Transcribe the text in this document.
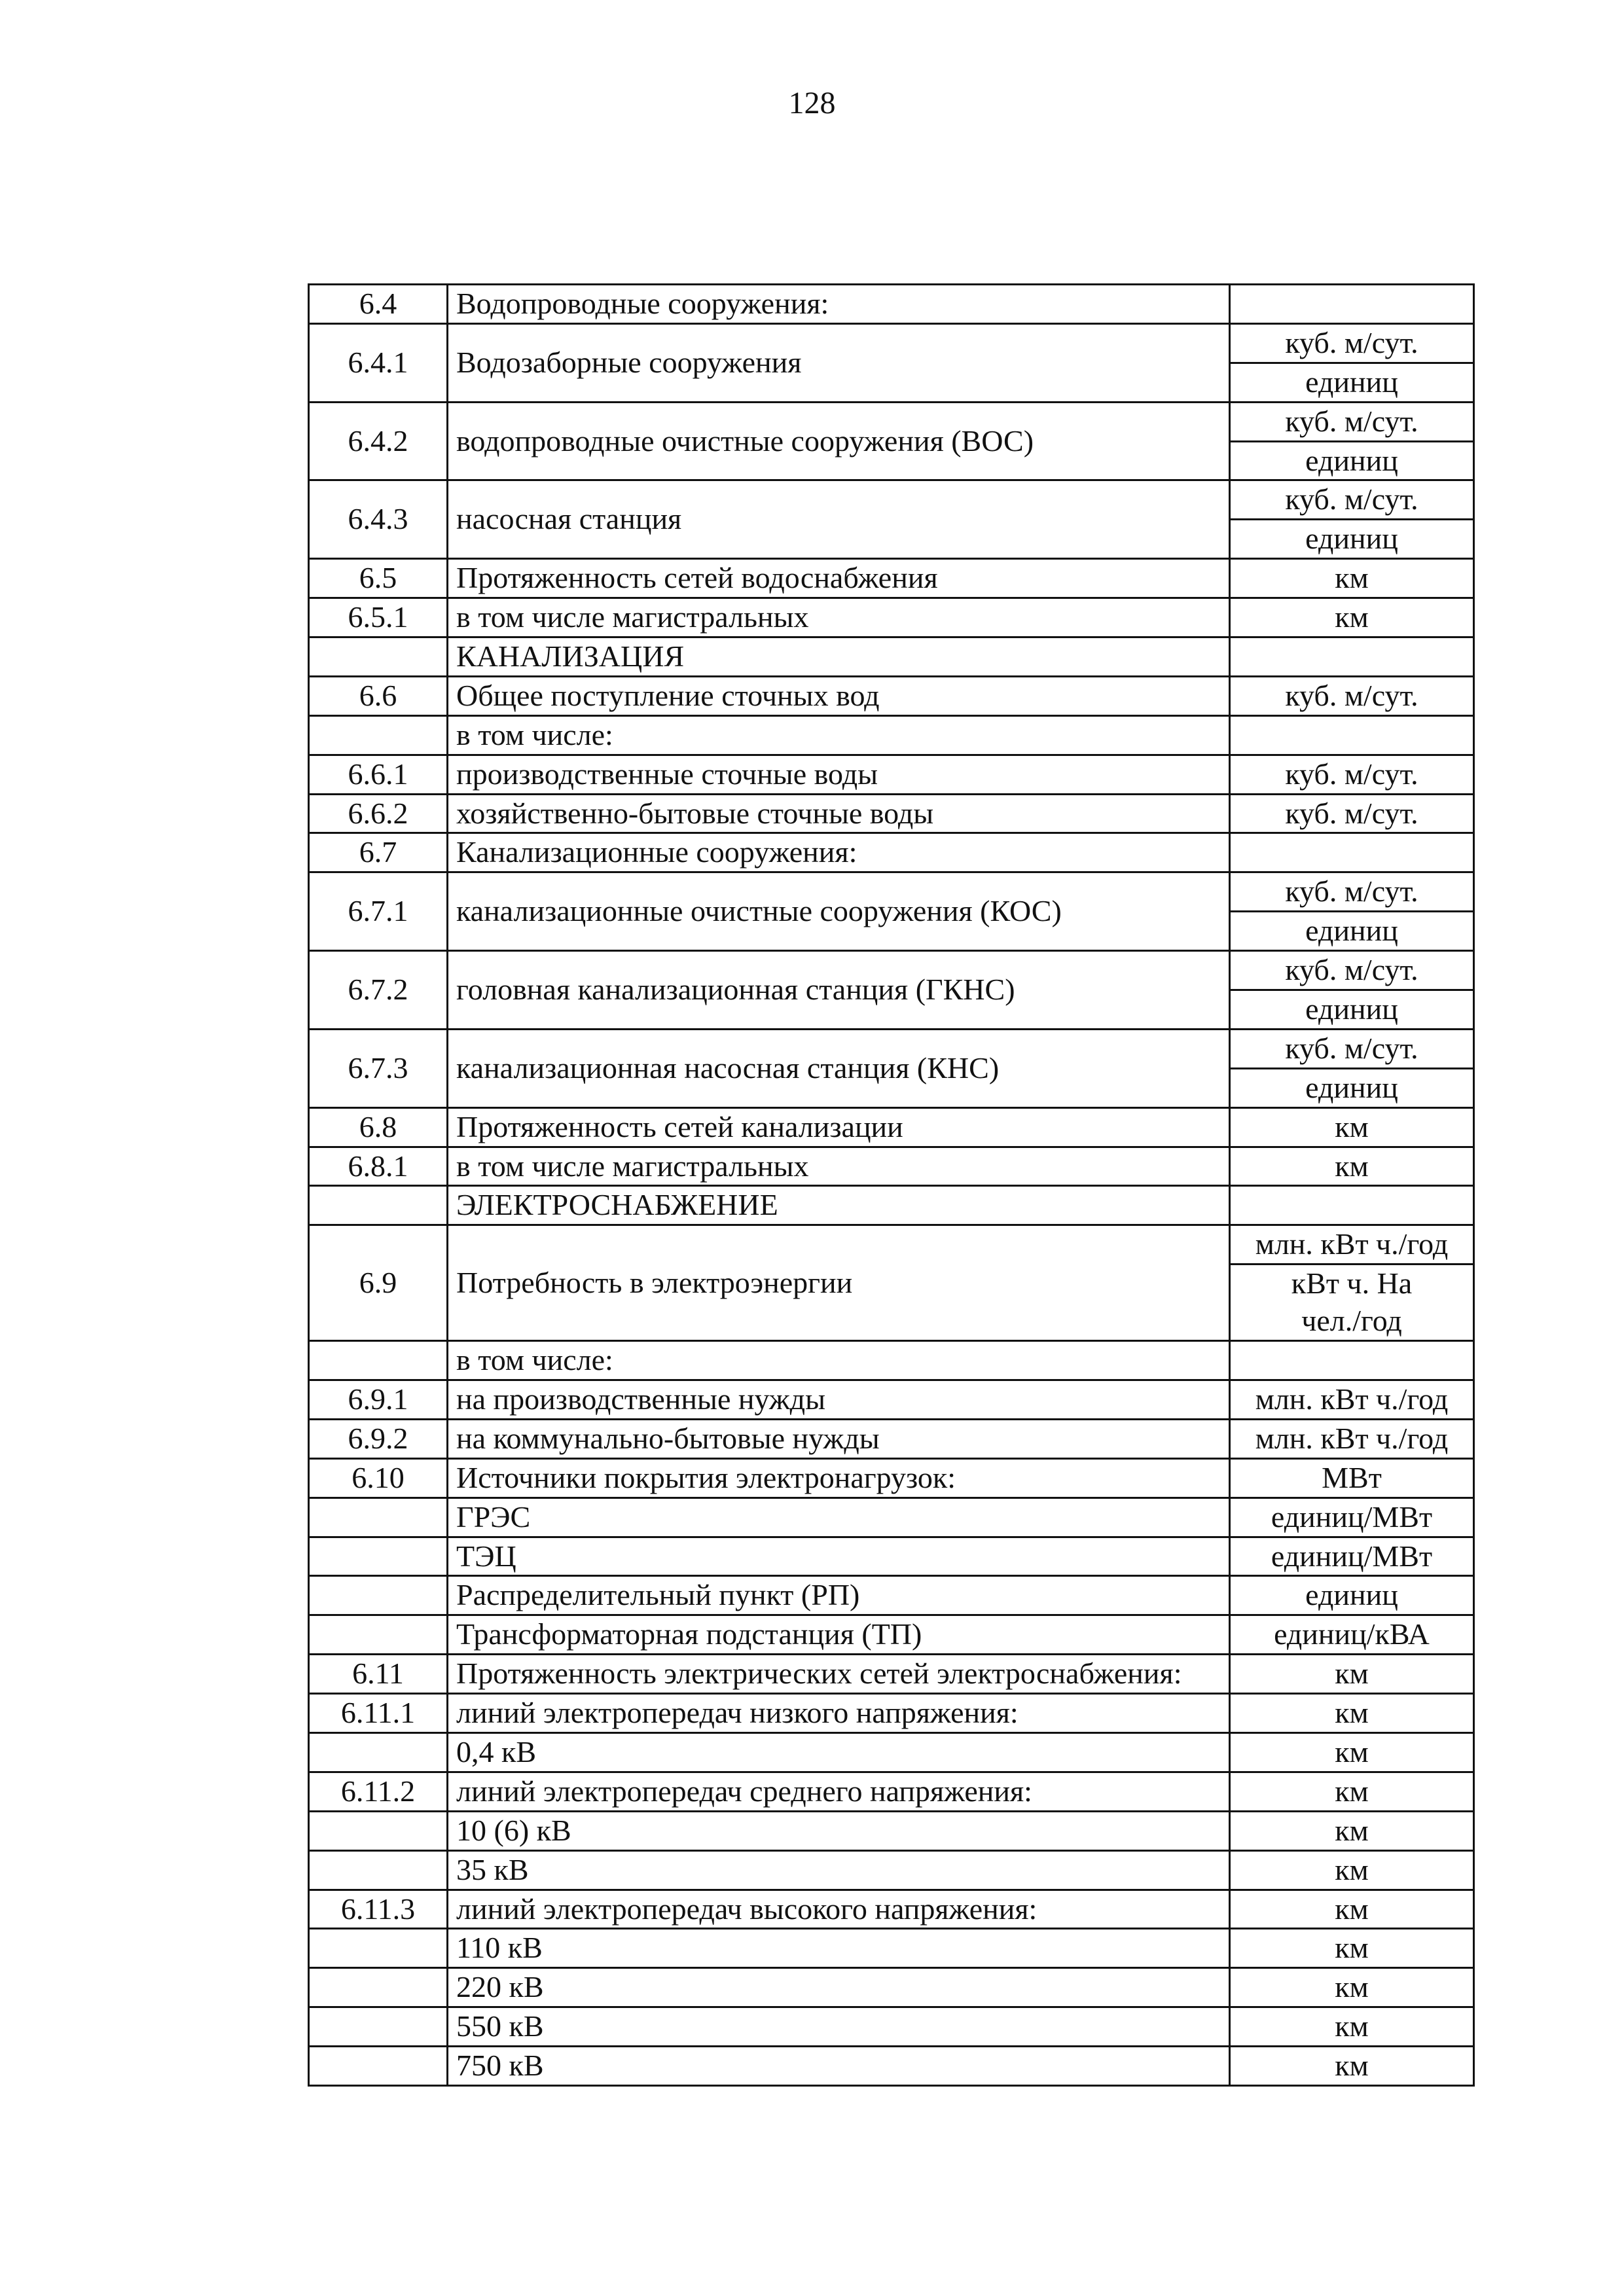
128
6.4	Водопроводные сооружения:	
6.4.1	Водозаборные сооружения	куб. м/сут.
единиц

6.4.2	водопроводные очистные сооружения (ВОС)	куб. м/сут.
единиц

6.4.3	насосная станция	куб. м/сут.
единиц

6.5	Протяженность сетей водоснабжения	км

6.5.1	в том числе магистральных	км

	КАНАЛИЗАЦИЯ	
6.6	Общее поступление сточных вод	куб. м/сут.

	в том числе:	
6.6.1	производственные сточные воды	куб. м/сут.

6.6.2	хозяйственно-бытовые сточные воды	куб. м/сут.

6.7	Канализационные сооружения:	
6.7.1	канализационные очистные сооружения (КОС)	куб. м/сут.
единиц

6.7.2	головная канализационная станция (ГКНС)	куб. м/сут.
единиц

6.7.3	канализационная насосная станция (КНС)	куб. м/сут.
единиц

6.8	Протяженность сетей канализации	км

6.8.1	в том числе магистральных	км

	ЭЛЕКТРОСНАБЖЕНИЕ	
6.9	Потребность в электроэнергии	млн. кВт ч./год
кВт ч. На
чел./год

	в том числе:	
6.9.1	на производственные нужды	млн. кВт ч./год

6.9.2	на коммунально-бытовые нужды	млн. кВт ч./год

6.10	Источники покрытия электронагрузок:	МВт

	ГРЭС	единиц/МВт

	ТЭЦ	единиц/МВт

	Распределительный пункт (РП)	единиц

	Трансформаторная подстанция (ТП)	единиц/кВА

6.11	Протяженность электрических сетей электроснабжения:	км

6.11.1	линий электропередач низкого напряжения:	км

	0,4 кВ	км

6.11.2	линий электропередач среднего напряжения:	км

	10 (6) кВ	км

	35 кВ	км

6.11.3	линий электропередач высокого напряжения:	км

	110 кВ	км

	220 кВ	км

	550 кВ	км

	750 кВ	км
